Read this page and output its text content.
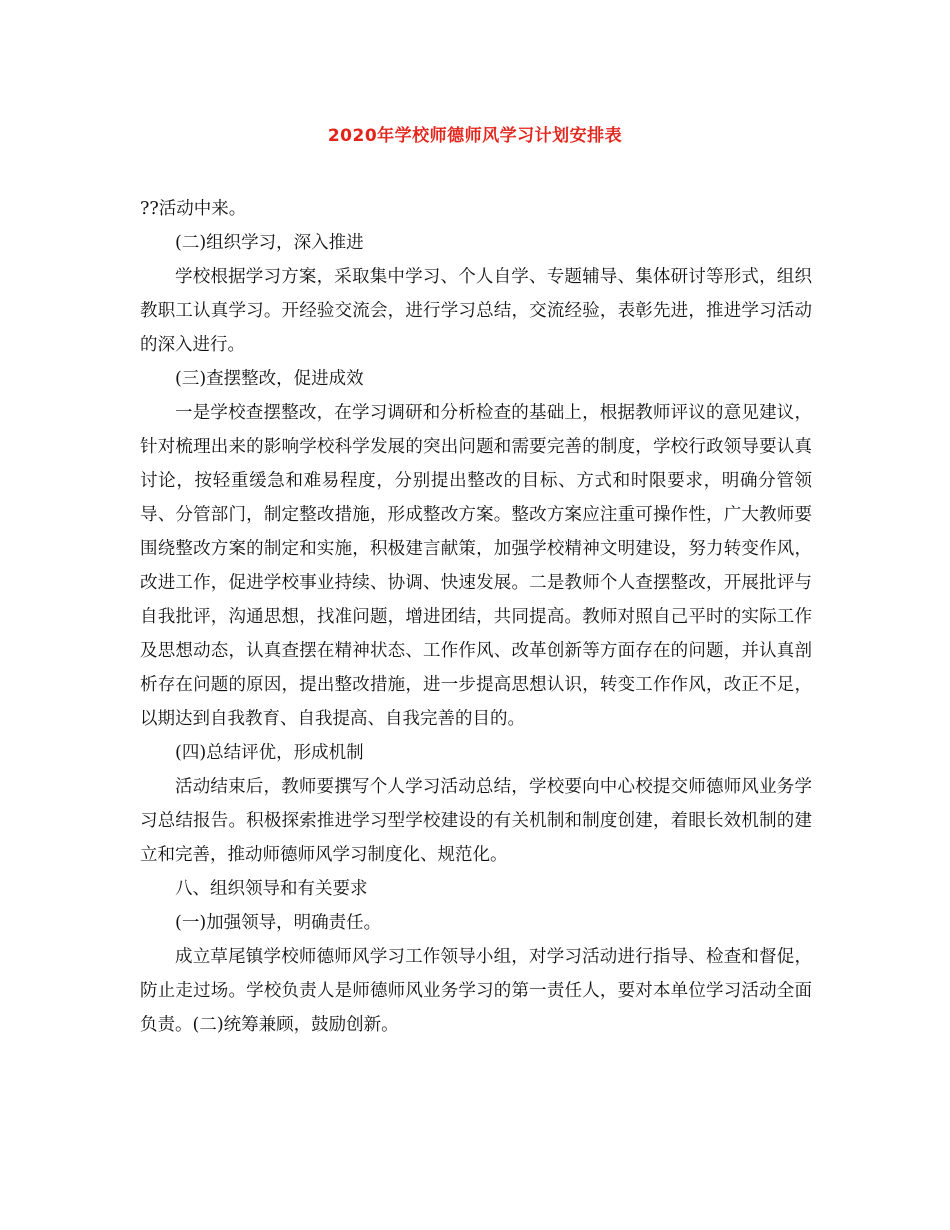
2020年学校师德师风学习计划安排表

??活动中来。

(二)组织学习，深入推进

学校根据学习方案，采取集中学习、个人自学、专题辅导、集体研讨等形式，组织教职工认真学习。开经验交流会，进行学习总结，交流经验，表彰先进，推进学习活动的深入进行。

(三)查摆整改，促进成效

一是学校查摆整改，在学习调研和分析检查的基础上，根据教师评议的意见建议，针对梳理出来的影响学校科学发展的突出问题和需要完善的制度，学校行政领导要认真讨论，按轻重缓急和难易程度，分别提出整改的目标、方式和时限要求，明确分管领导、分管部门，制定整改措施，形成整改方案。整改方案应注重可操作性，广大教师要围绕整改方案的制定和实施，积极建言献策，加强学校精神文明建设，努力转变作风，改进工作，促进学校事业持续、协调、快速发展。二是教师个人查摆整改，开展批评与自我批评，沟通思想，找准问题，增进团结，共同提高。教师对照自己平时的实际工作及思想动态，认真查摆在精神状态、工作作风、改革创新等方面存在的问题，并认真剖析存在问题的原因，提出整改措施，进一步提高思想认识，转变工作作风，改正不足，以期达到自我教育、自我提高、自我完善的目的。

(四)总结评优，形成机制

活动结束后，教师要撰写个人学习活动总结，学校要向中心校提交师德师风业务学习总结报告。积极探索推进学习型学校建设的有关机制和制度创建，着眼长效机制的建立和完善，推动师德师风学习制度化、规范化。

八、组织领导和有关要求

(一)加强领导，明确责任。

成立草尾镇学校师德师风学习工作领导小组，对学习活动进行指导、检查和督促，防止走过场。学校负责人是师德师风业务学习的第一责任人，要对本单位学习活动全面负责。(二)统筹兼顾，鼓励创新。
